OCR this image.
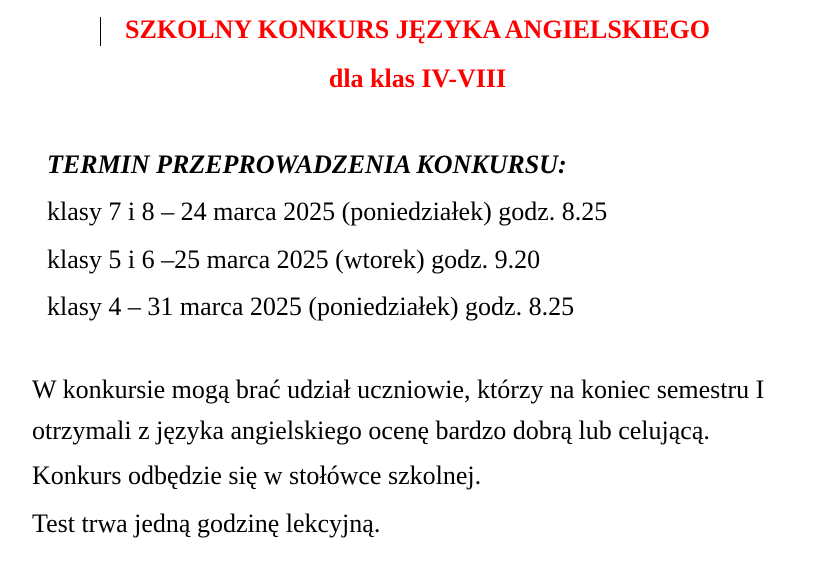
SZKOLNY KONKURS JĘZYKA ANGIELSKIEGO
dla klas IV-VIII
TERMIN PRZEPROWADZENIA KONKURSU:
klasy 7 i 8 – 24 marca 2025 (poniedziałek) godz. 8.25
klasy 5 i 6 –25 marca 2025 (wtorek) godz. 9.20
klasy 4 – 31 marca 2025 (poniedziałek) godz. 8.25
W konkursie mogą brać udział uczniowie, którzy na koniec semestru I
otrzymali z języka angielskiego ocenę bardzo dobrą lub celującą.
Konkurs odbędzie się w stołówce szkolnej.
Test trwa jedną godzinę lekcyjną.
